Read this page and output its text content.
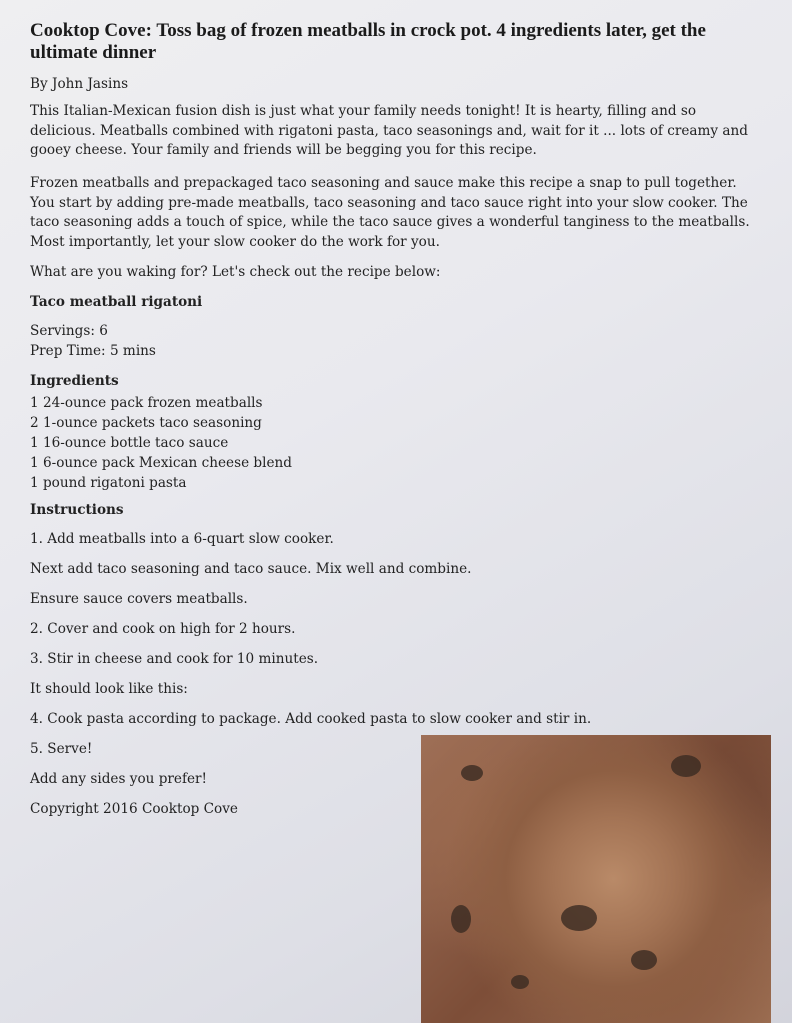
Cooktop Cove: Toss bag of frozen meatballs in crock pot. 4 ingredients later, get the ultimate dinner

By John Jasins

This Italian-Mexican fusion dish is just what your family needs tonight! It is hearty, filling and so delicious. Meatballs combined with rigatoni pasta, taco seasonings and, wait for it ... lots of creamy and gooey cheese. Your family and friends will be begging you for this recipe.

Frozen meatballs and prepackaged taco seasoning and sauce make this recipe a snap to pull together. You start by adding pre-made meatballs, taco seasoning and taco sauce right into your slow cooker. The taco seasoning adds a touch of spice, while the taco sauce gives a wonderful tanginess to the meatballs. Most importantly, let your slow cooker do the work for you.

What are you waking for? Let's check out the recipe below:

Taco meatball rigatoni

Servings: 6

Prep Time: 5 mins

Ingredients

1 24-ounce pack frozen meatballs
2 1-ounce packets taco seasoning
1 16-ounce bottle taco sauce
1 6-ounce pack Mexican cheese blend
1 pound rigatoni pasta

Instructions

1. Add meatballs into a 6-quart slow cooker.

Next add taco seasoning and taco sauce. Mix well and combine.

Ensure sauce covers meatballs.

2. Cover and cook on high for 2 hours.

3. Stir in cheese and cook for 10 minutes.

It should look like this:

4. Cook pasta according to package. Add cooked pasta to slow cooker and stir in.

5. Serve!

Add any sides you prefer!

Copyright 2016 Cooktop Cove
